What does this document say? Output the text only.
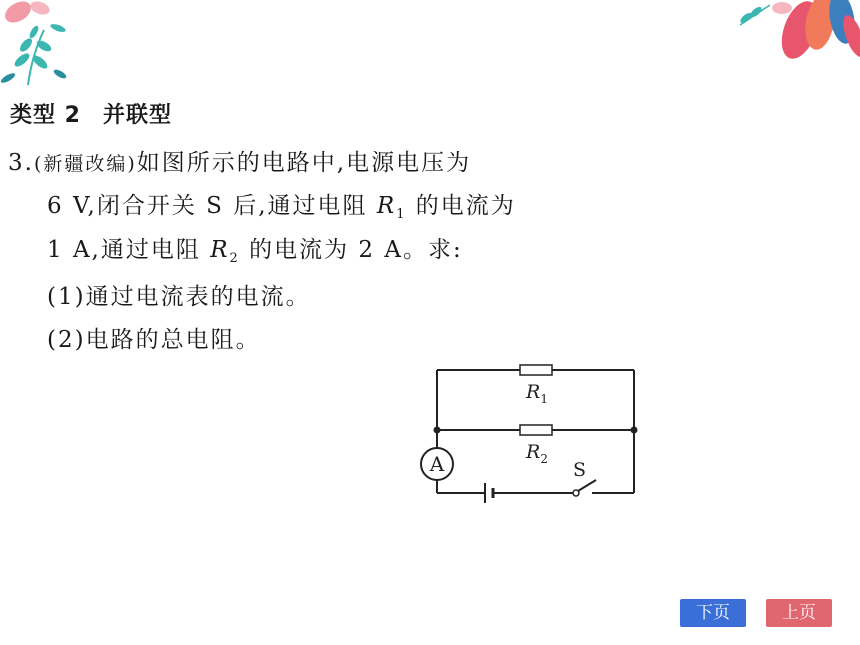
类型 2 并联型
3.(新疆改编)如图所示的电路中,电源电压为
6 V,闭合开关 S 后,通过电阻 $R_1$ 的电流为
1 A,通过电阻 $R_2$ 的电流为 2 A。求:
(1)通过电流表的电流。
(2)电路的总电阻。
A
$R_1$
$R_2$ S
下页	上页
